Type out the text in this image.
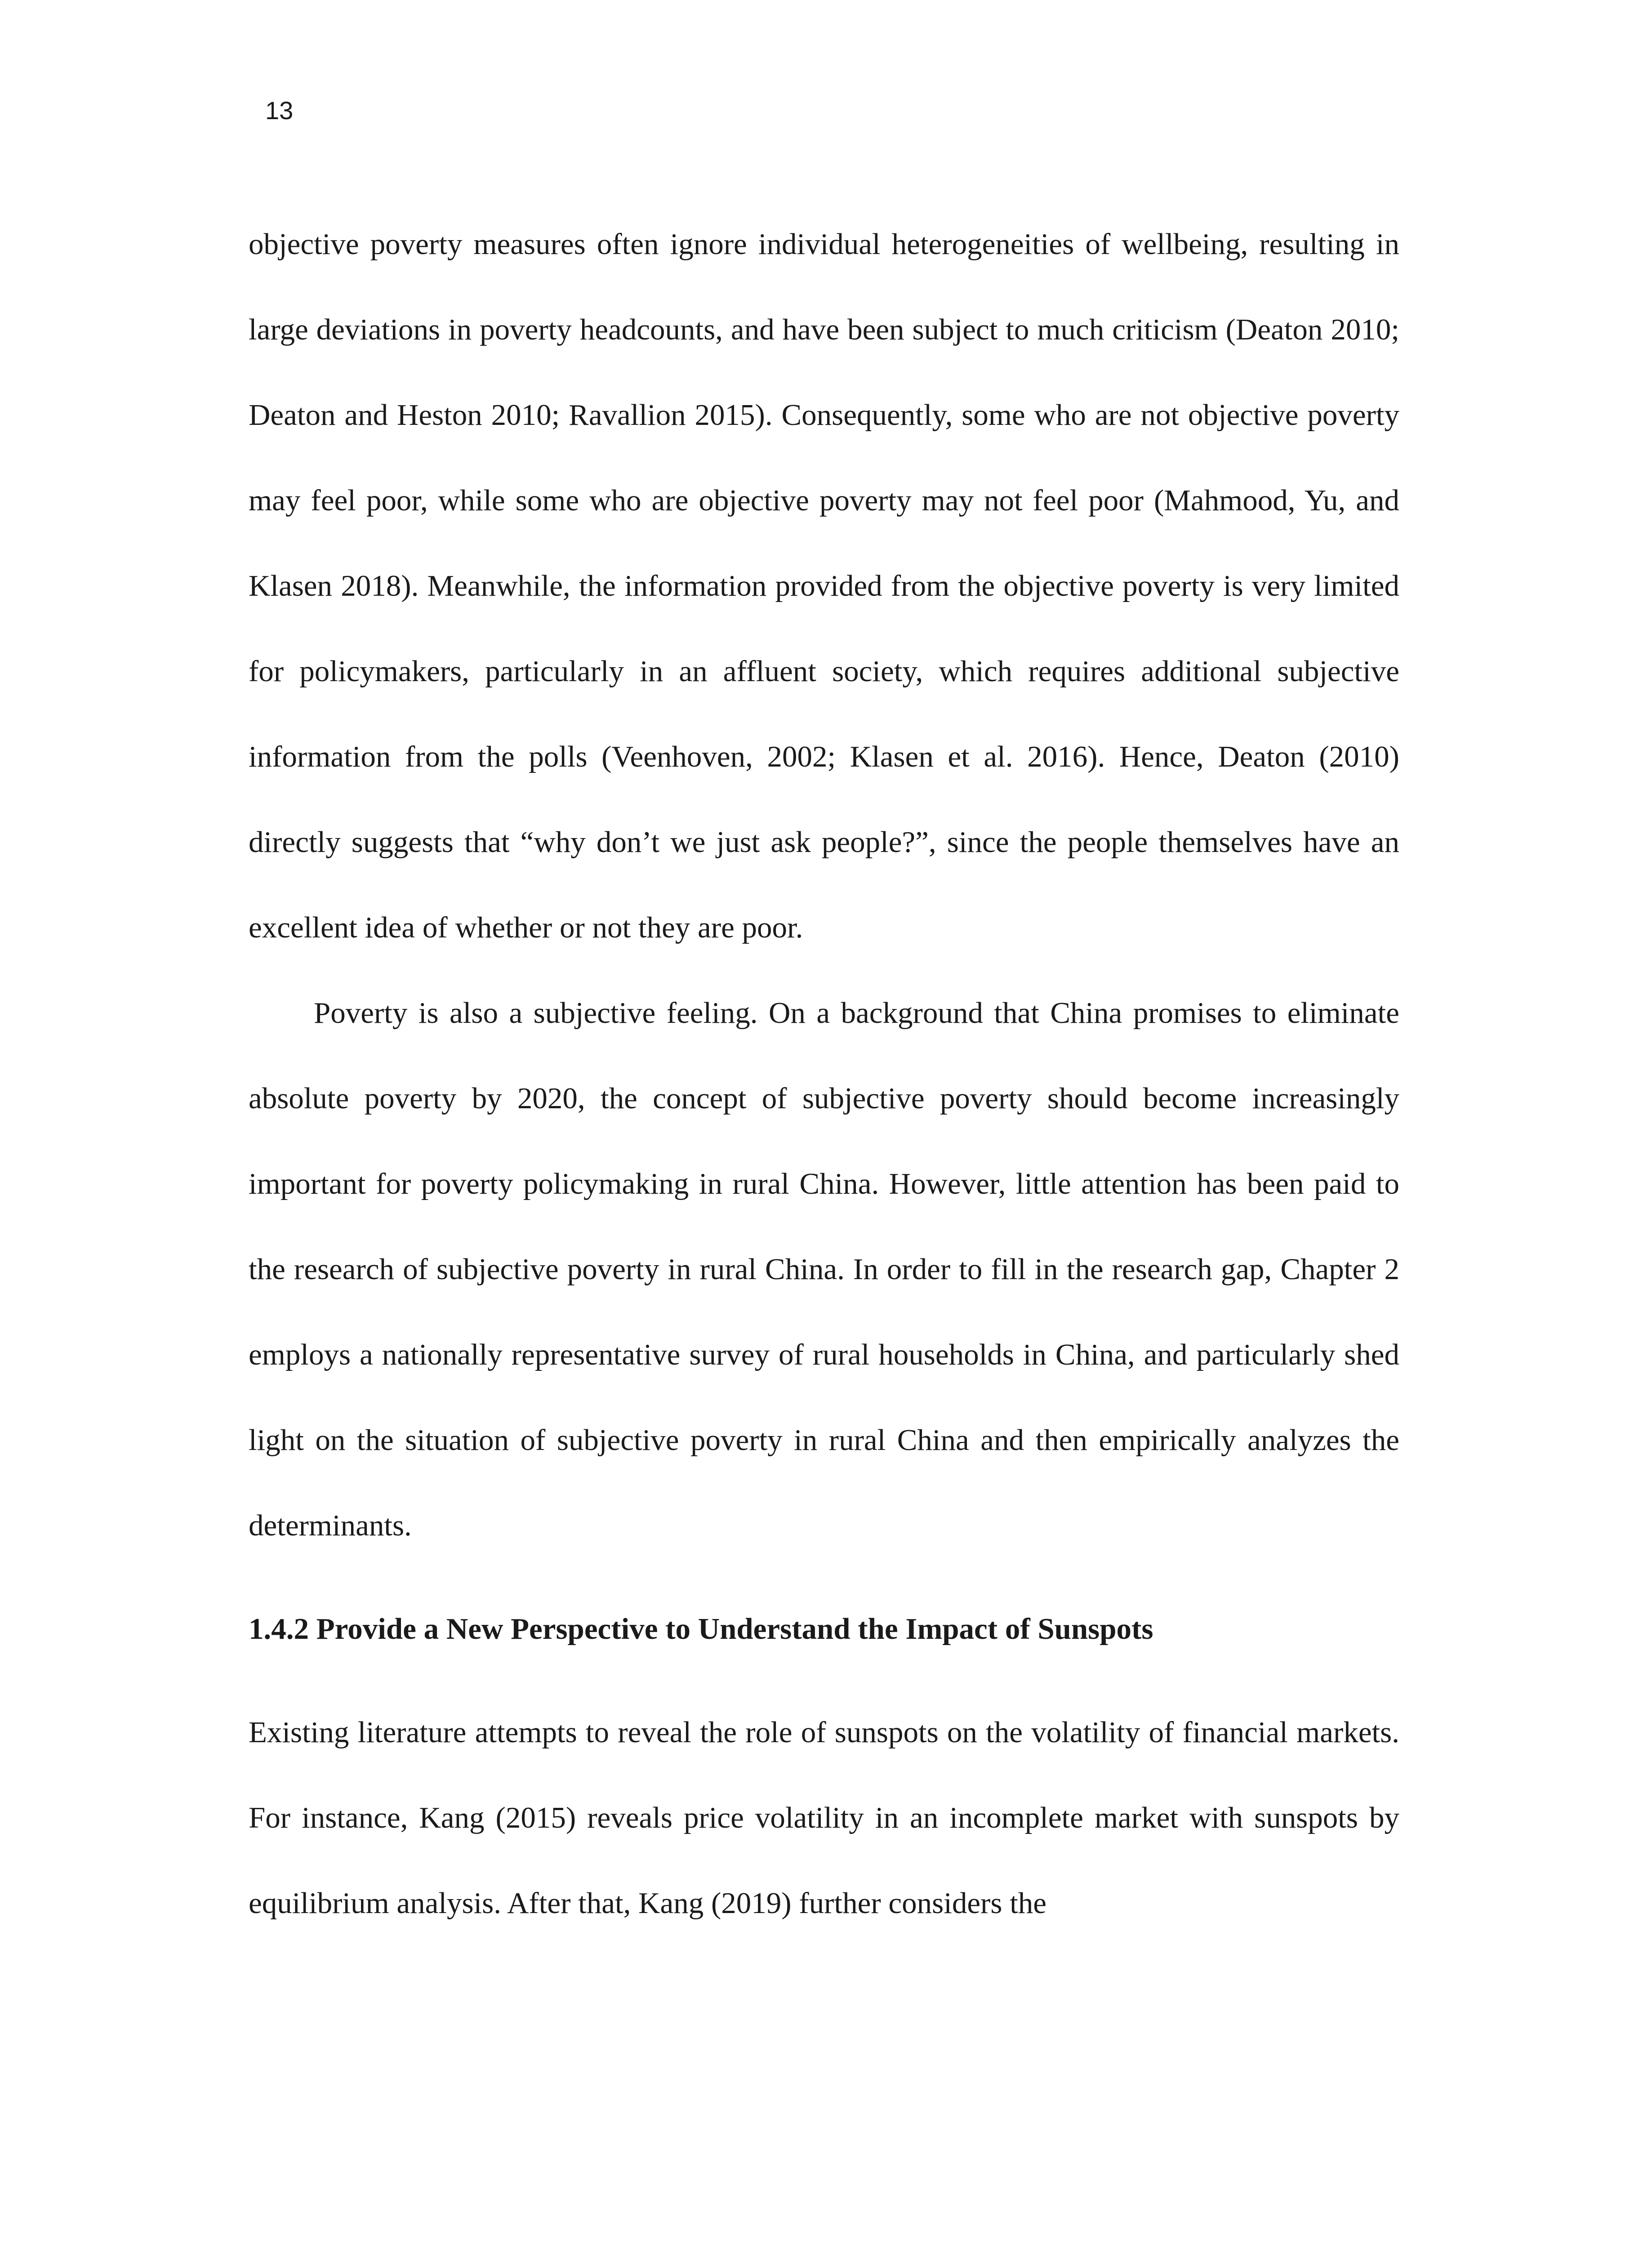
13

objective poverty measures often ignore individual heterogeneities of wellbeing, resulting in large deviations in poverty headcounts, and have been subject to much criticism (Deaton 2010; Deaton and Heston 2010; Ravallion 2015). Consequently, some who are not objective poverty may feel poor, while some who are objective poverty may not feel poor (Mahmood, Yu, and Klasen 2018). Meanwhile, the information provided from the objective poverty is very limited for policymakers, particularly in an affluent society, which requires additional subjective information from the polls (Veenhoven, 2002; Klasen et al. 2016). Hence, Deaton (2010) directly suggests that “why don’t we just ask people?”, since the people themselves have an excellent idea of whether or not they are poor.

Poverty is also a subjective feeling. On a background that China promises to eliminate absolute poverty by 2020, the concept of subjective poverty should become increasingly important for poverty policymaking in rural China. However, little attention has been paid to the research of subjective poverty in rural China. In order to fill in the research gap, Chapter 2 employs a nationally representative survey of rural households in China, and particularly shed light on the situation of subjective poverty in rural China and then empirically analyzes the determinants.

1.4.2 Provide a New Perspective to Understand the Impact of Sunspots

Existing literature attempts to reveal the role of sunspots on the volatility of financial markets. For instance, Kang (2015) reveals price volatility in an incomplete market with sunspots by equilibrium analysis. After that, Kang (2019) further considers the
